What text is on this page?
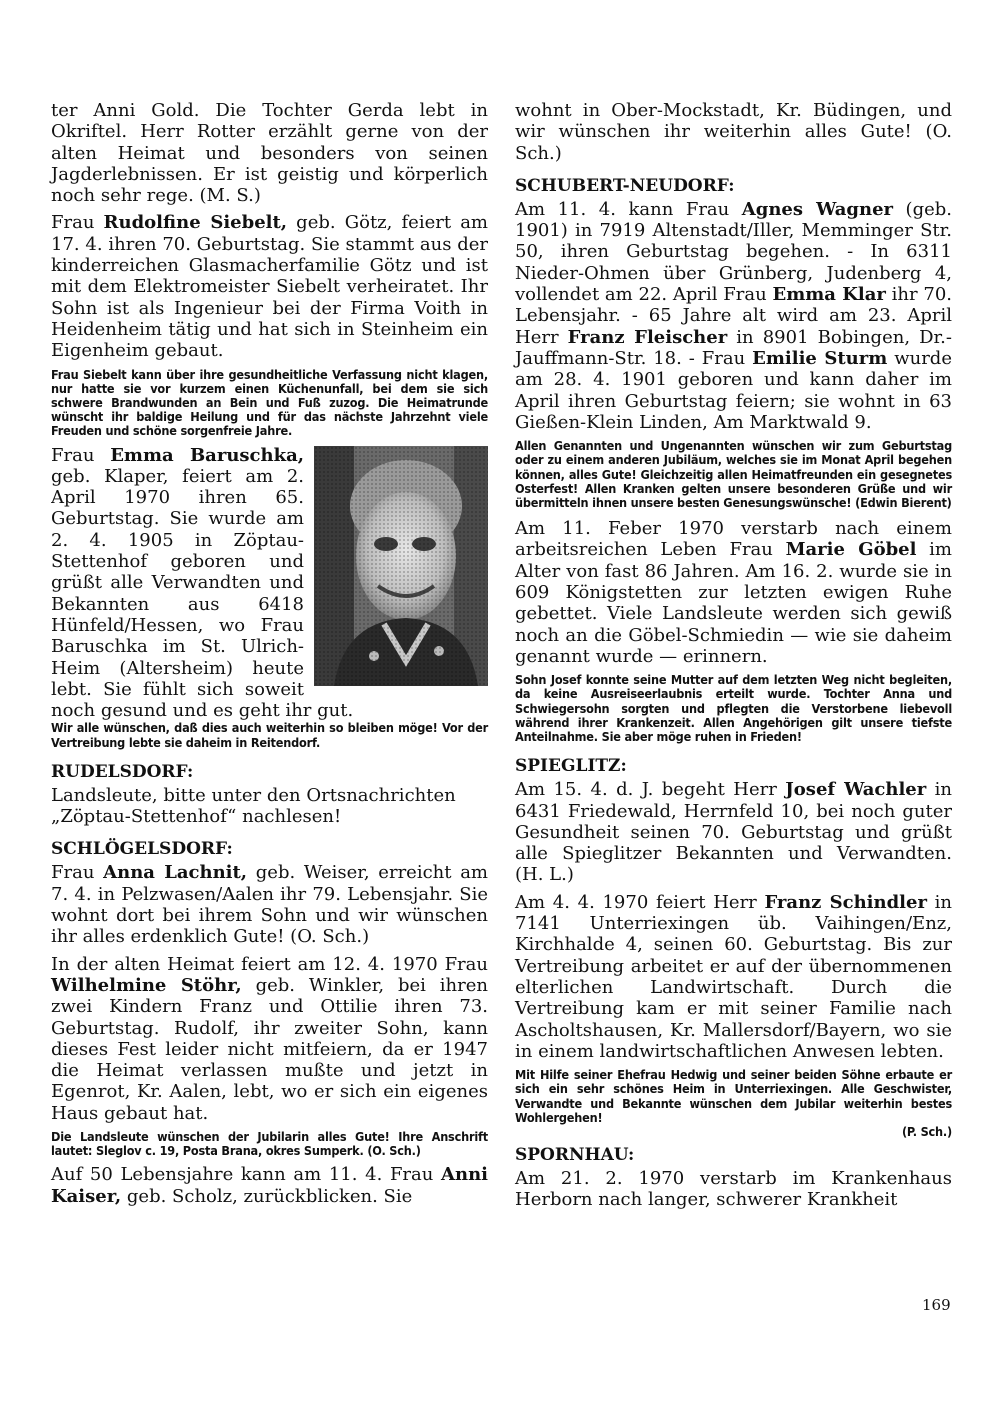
ter Anni Gold. Die Tochter Gerda lebt in Okriftel. Herr Rotter erzählt gerne von der alten Heimat und besonders von seinen Jagderlebnissen. Er ist geistig und körperlich noch sehr rege. (M. S.)

Frau Rudolfine Siebelt, geb. Götz, feiert am 17. 4. ihren 70. Geburtstag. Sie stammt aus der kinderreichen Glasmacherfamilie Götz und ist mit dem Elektromeister Siebelt verheiratet. Ihr Sohn ist als Ingenieur bei der Firma Voith in Heidenheim tätig und hat sich in Steinheim ein Eigenheim gebaut.

Frau Siebelt kann über ihre gesundheitliche Verfassung nicht klagen, nur hatte sie vor kurzem einen Küchenunfall, bei dem sie sich schwere Brandwunden an Bein und Fuß zuzog. Die Heimatrunde wünscht ihr baldige Heilung und für das nächste Jahrzehnt viele Freuden und schöne sorgenfreie Jahre.

Frau Emma Baruschka, geb. Klaper, feiert am 2. April 1970 ihren 65. Geburtstag. Sie wurde am 2. 4. 1905 in Zöptau-Stettenhof geboren und grüßt alle Verwandten und Bekannten aus 6418 Hünfeld/Hessen, wo Frau Baruschka im St. Ulrich-Heim (Altersheim) heute lebt. Sie fühlt sich soweit noch gesund und es geht ihr gut.

Wir alle wünschen, daß dies auch weiterhin so bleiben möge! Vor der Vertreibung lebte sie daheim in Reitendorf.

RUDELSDORF:

Landsleute, bitte unter den Ortsnachrichten „Zöptau-Stettenhof“ nachlesen!

SCHLÖGELSDORF:

Frau Anna Lachnit, geb. Weiser, erreicht am 7. 4. in Pelzwasen/Aalen ihr 79. Lebensjahr. Sie wohnt dort bei ihrem Sohn und wir wünschen ihr alles erdenklich Gute! (O. Sch.)

In der alten Heimat feiert am 12. 4. 1970 Frau Wilhelmine Stöhr, geb. Winkler, bei ihren zwei Kindern Franz und Ottilie ihren 73. Geburtstag. Rudolf, ihr zweiter Sohn, kann dieses Fest leider nicht mitfeiern, da er 1947 die Heimat verlassen mußte und jetzt in Egenrot, Kr. Aalen, lebt, wo er sich ein eigenes Haus gebaut hat.

Die Landsleute wünschen der Jubilarin alles Gute! Ihre Anschrift lautet: Sleglov c. 19, Posta Brana, okres Sumperk. (O. Sch.)

Auf 50 Lebensjahre kann am 11. 4. Frau Anni Kaiser, geb. Scholz, zurückblicken. Sie

wohnt in Ober-Mockstadt, Kr. Büdingen, und wir wünschen ihr weiterhin alles Gute! (O. Sch.)

SCHUBERT-NEUDORF:

Am 11. 4. kann Frau Agnes Wagner (geb. 1901) in 7919 Altenstadt/Iller, Memminger Str. 50, ihren Geburtstag begehen. - In 6311 Nieder-Ohmen über Grünberg, Judenberg 4, vollendet am 22. April Frau Emma Klar ihr 70. Lebensjahr. - 65 Jahre alt wird am 23. April Herr Franz Fleischer in 8901 Bobingen, Dr.-Jauffmann-Str. 18. - Frau Emilie Sturm wurde am 28. 4. 1901 geboren und kann daher im April ihren Geburtstag feiern; sie wohnt in 63 Gießen-Klein Linden, Am Marktwald 9.

Allen Genannten und Ungenannten wünschen wir zum Geburtstag oder zu einem anderen Jubiläum, welches sie im Monat April begehen können, alles Gute! Gleichzeitig allen Heimatfreunden ein gesegnetes Osterfest! Allen Kranken gelten unsere besonderen Grüße und wir übermitteln ihnen unsere besten Genesungswünsche! (Edwin Bierent)

Am 11. Feber 1970 verstarb nach einem arbeitsreichen Leben Frau Marie Göbel im Alter von fast 86 Jahren. Am 16. 2. wurde sie in 609 Königstetten zur letzten ewigen Ruhe gebettet. Viele Landsleute werden sich gewiß noch an die Göbel-Schmiedin — wie sie daheim genannt wurde — erinnern.

Sohn Josef konnte seine Mutter auf dem letzten Weg nicht begleiten, da keine Ausreiseerlaubnis erteilt wurde. Tochter Anna und Schwiegersohn sorgten und pflegten die Verstorbene liebevoll während ihrer Krankenzeit. Allen Angehörigen gilt unsere tiefste Anteilnahme. Sie aber möge ruhen in Frieden!

SPIEGLITZ:

Am 15. 4. d. J. begeht Herr Josef Wachler in 6431 Friedewald, Herrnfeld 10, bei noch guter Gesundheit seinen 70. Geburtstag und grüßt alle Spieglitzer Bekannten und Verwandten. (H. L.)

Am 4. 4. 1970 feiert Herr Franz Schindler in 7141 Unterriexingen üb. Vaihingen/Enz, Kirchhalde 4, seinen 60. Geburtstag. Bis zur Vertreibung arbeitet er auf der übernommenen elterlichen Landwirtschaft. Durch die Vertreibung kam er mit seiner Familie nach Ascholtshausen, Kr. Mallersdorf/Bayern, wo sie in einem landwirtschaftlichen Anwesen lebten.

Mit Hilfe seiner Ehefrau Hedwig und seiner beiden Söhne erbaute er sich ein sehr schönes Heim in Unterriexingen. Alle Geschwister, Verwandte und Bekannte wünschen dem Jubilar weiterhin bestes Wohlergehen!

(P. Sch.)

SPORNHAU:

Am 21. 2. 1970 verstarb im Krankenhaus Herborn nach langer, schwerer Krankheit

169
